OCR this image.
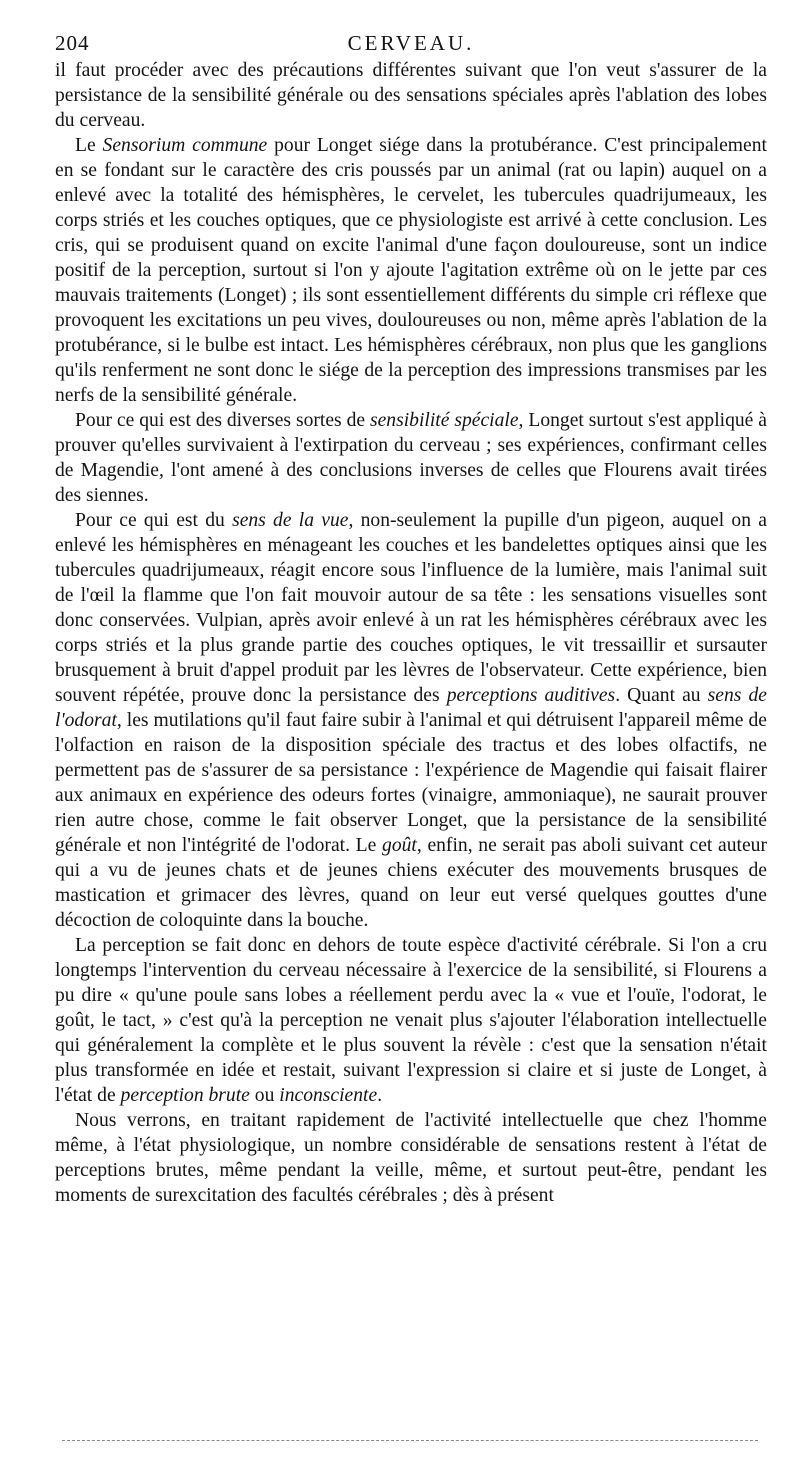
204	CERVEAU.

il faut procéder avec des précautions différentes suivant que l'on veut s'assurer de la persistance de la sensibilité générale ou des sensations spéciales après l'ablation des lobes du cerveau.

Le Sensorium commune pour Longet siége dans la protubérance. C'est principalement en se fondant sur le caractère des cris poussés par un animal (rat ou lapin) auquel on a enlevé avec la totalité des hémisphères, le cervelet, les tubercules quadrijumeaux, les corps striés et les couches optiques, que ce physiologiste est arrivé à cette conclusion. Les cris, qui se produisent quand on excite l'animal d'une façon douloureuse, sont un indice positif de la perception, surtout si l'on y ajoute l'agitation extrême où on le jette par ces mauvais traitements (Longet) ; ils sont essentiellement différents du simple cri réflexe que provoquent les excitations un peu vives, douloureuses ou non, même après l'ablation de la protubérance, si le bulbe est intact. Les hémisphères cérébraux, non plus que les ganglions qu'ils renferment ne sont donc le siége de la perception des impressions transmises par les nerfs de la sensibilité générale.

Pour ce qui est des diverses sortes de sensibilité spéciale, Longet surtout s'est appliqué à prouver qu'elles survivaient à l'extirpation du cerveau ; ses expériences, confirmant celles de Magendie, l'ont amené à des conclusions inverses de celles que Flourens avait tirées des siennes.

Pour ce qui est du sens de la vue, non-seulement la pupille d'un pigeon, auquel on a enlevé les hémisphères en ménageant les couches et les bandelettes optiques ainsi que les tubercules quadrijumeaux, réagit encore sous l'influence de la lumière, mais l'animal suit de l'œil la flamme que l'on fait mouvoir autour de sa tête : les sensations visuelles sont donc conservées. Vulpian, après avoir enlevé à un rat les hémisphères cérébraux avec les corps striés et la plus grande partie des couches optiques, le vit tressaillir et sursauter brusquement à bruit d'appel produit par les lèvres de l'observateur. Cette expérience, bien souvent répétée, prouve donc la persistance des perceptions auditives. Quant au sens de l'odorat, les mutilations qu'il faut faire subir à l'animal et qui détruisent l'appareil même de l'olfaction en raison de la disposition spéciale des tractus et des lobes olfactifs, ne permettent pas de s'assurer de sa persistance : l'expérience de Magendie qui faisait flairer aux animaux en expérience des odeurs fortes (vinaigre, ammoniaque), ne saurait prouver rien autre chose, comme le fait observer Longet, que la persistance de la sensibilité générale et non l'intégrité de l'odorat. Le goût, enfin, ne serait pas aboli suivant cet auteur qui a vu de jeunes chats et de jeunes chiens exécuter des mouvements brusques de mastication et grimacer des lèvres, quand on leur eut versé quelques gouttes d'une décoction de coloquinte dans la bouche.

La perception se fait donc en dehors de toute espèce d'activité cérébrale. Si l'on a cru longtemps l'intervention du cerveau nécessaire à l'exercice de la sensibilité, si Flourens a pu dire « qu'une poule sans lobes a réellement perdu avec la « vue et l'ouïe, l'odorat, le goût, le tact, » c'est qu'à la perception ne venait plus s'ajouter l'élaboration intellectuelle qui généralement la complète et le plus souvent la révèle : c'est que la sensation n'était plus transformée en idée et restait, suivant l'expression si claire et si juste de Longet, à l'état de perception brute ou inconsciente.

Nous verrons, en traitant rapidement de l'activité intellectuelle que chez l'homme même, à l'état physiologique, un nombre considérable de sensations restent à l'état de perceptions brutes, même pendant la veille, même, et surtout peut-être, pendant les moments de surexcitation des facultés cérébrales ; dès à présent
